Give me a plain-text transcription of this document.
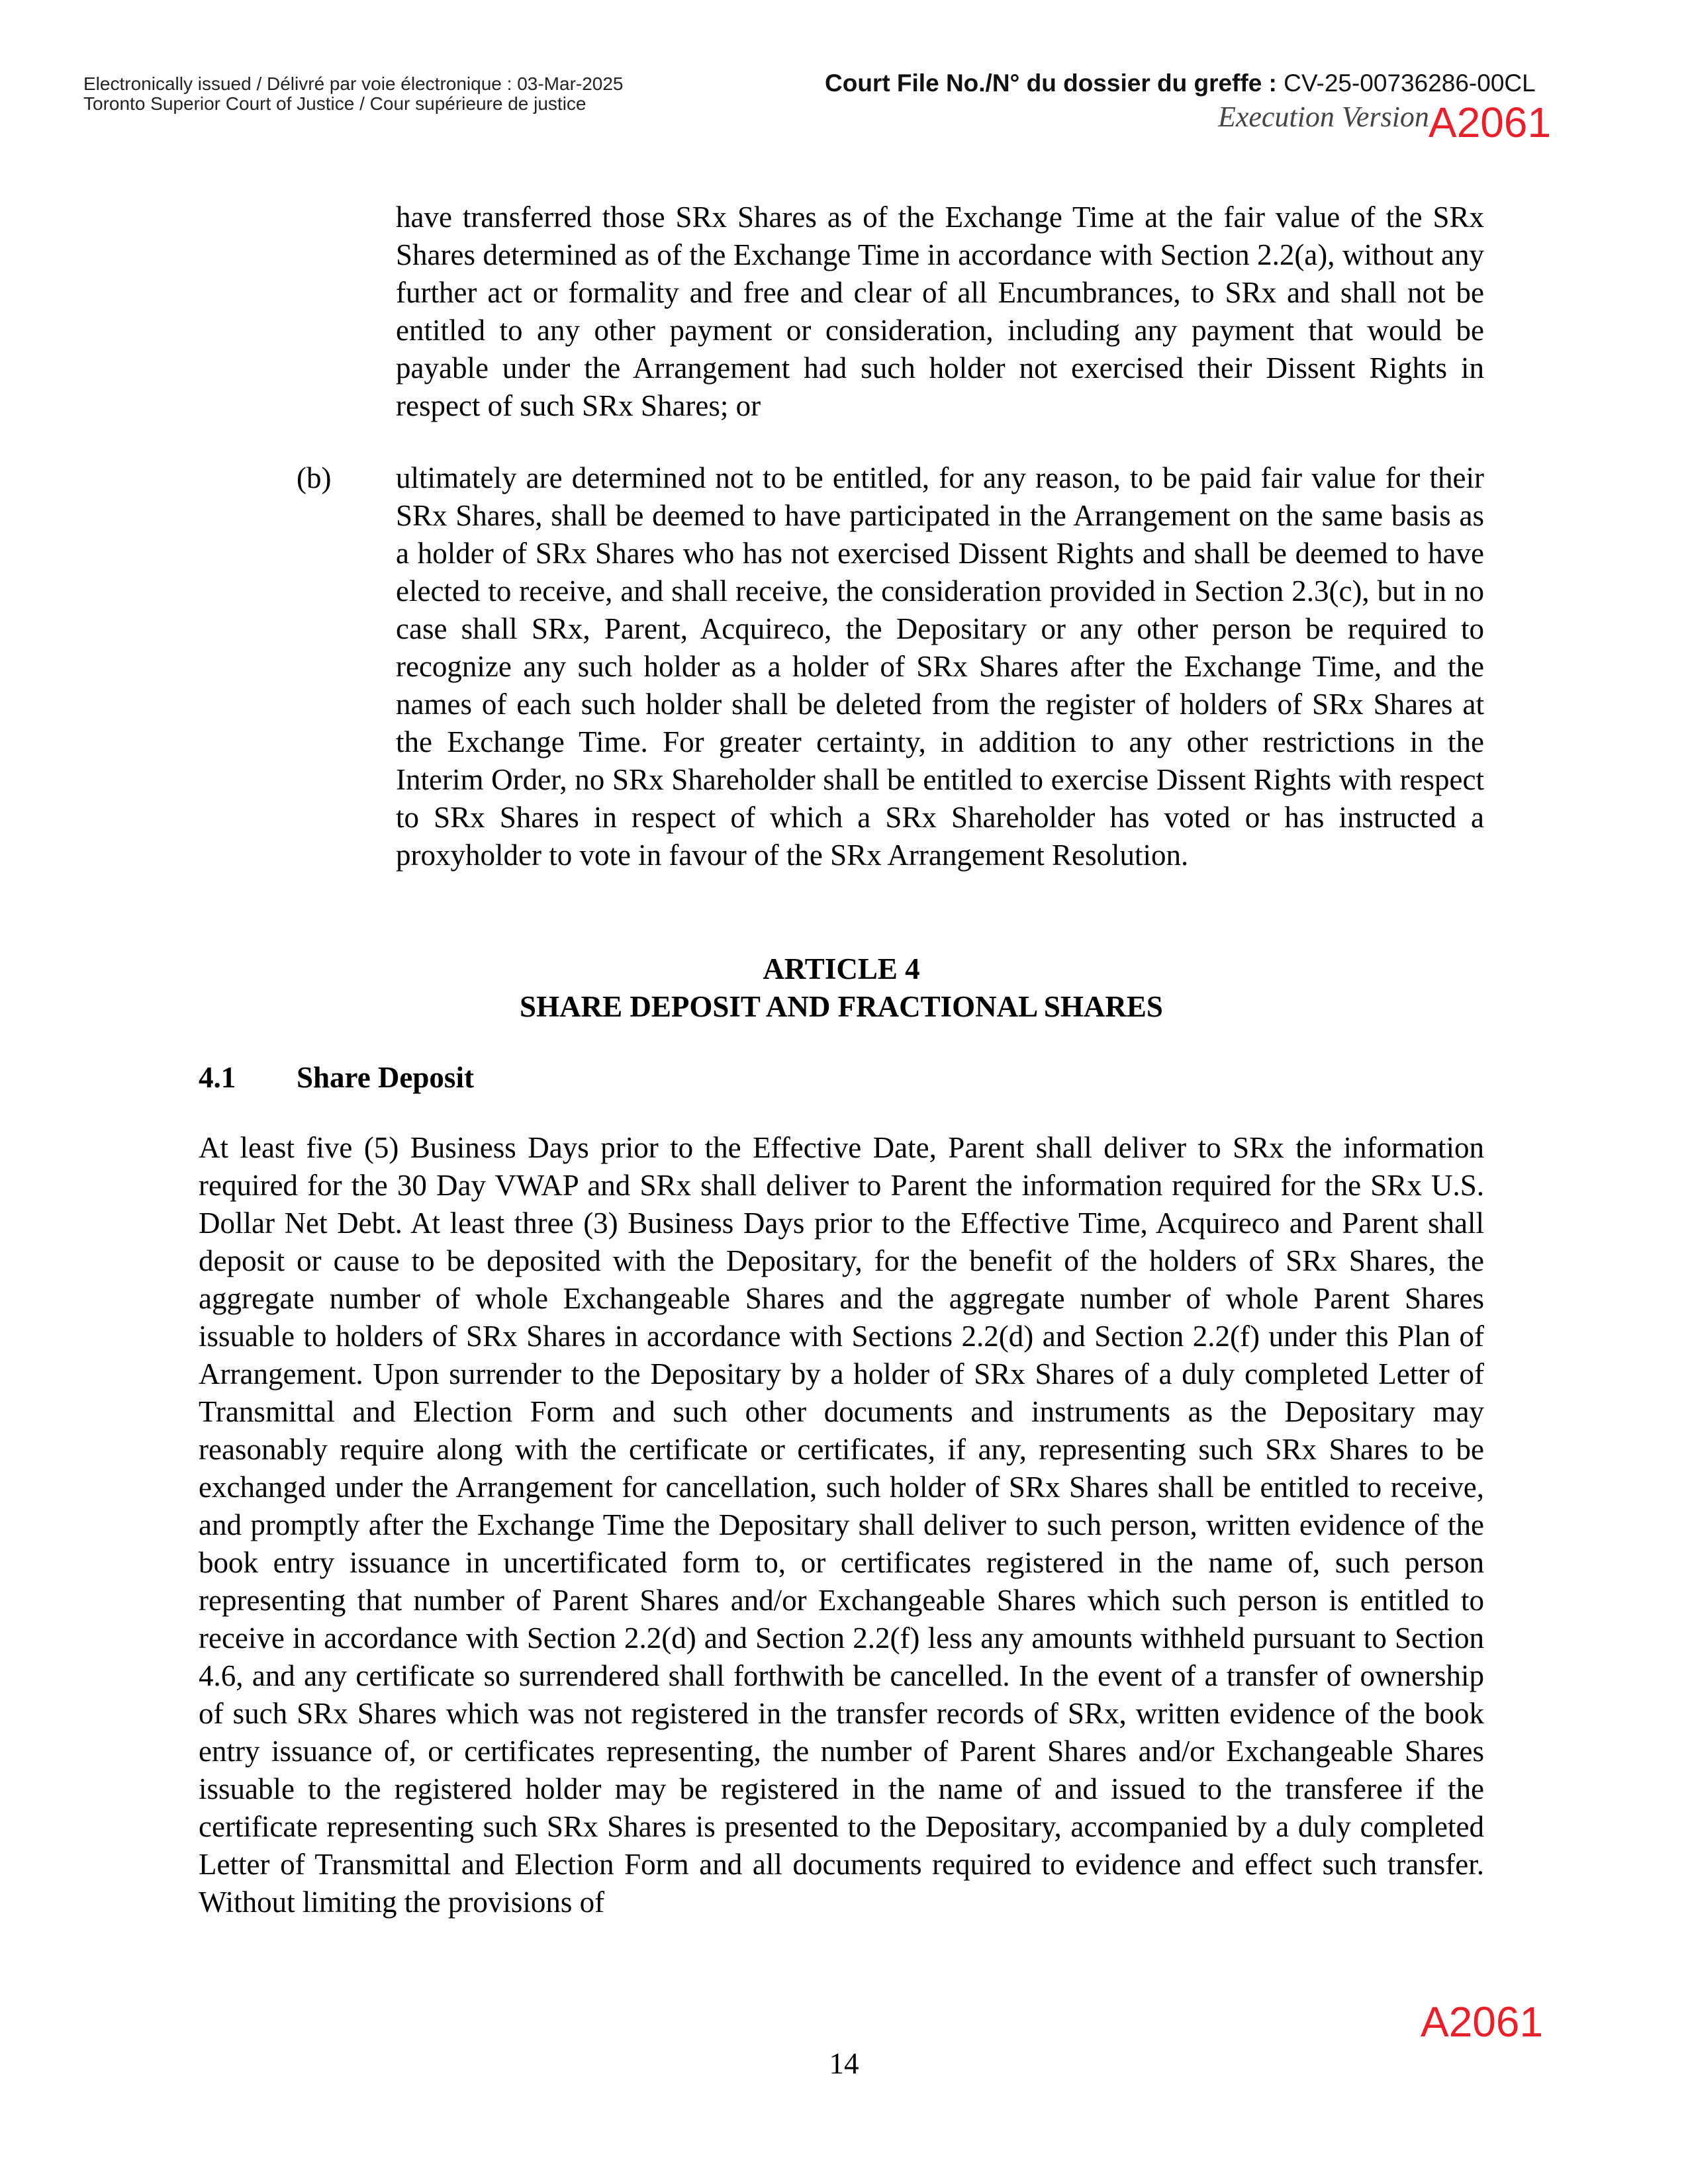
Electronically issued / Délivré par voie électronique : 03-Mar-2025
Toronto Superior Court of Justice / Cour supérieure de justice
Court File No./N° du dossier du greffe : CV-25-00736286-00CL
Execution Version A2061

have transferred those SRx Shares as of the Exchange Time at the fair value of the SRx Shares determined as of the Exchange Time in accordance with Section 2.2(a), without any further act or formality and free and clear of all Encumbrances, to SRx and shall not be entitled to any other payment or consideration, including any payment that would be payable under the Arrangement had such holder not exercised their Dissent Rights in respect of such SRx Shares; or

(b) ultimately are determined not to be entitled, for any reason, to be paid fair value for their SRx Shares, shall be deemed to have participated in the Arrangement on the same basis as a holder of SRx Shares who has not exercised Dissent Rights and shall be deemed to have elected to receive, and shall receive, the consideration provided in Section 2.3(c), but in no case shall SRx, Parent, Acquireco, the Depositary or any other person be required to recognize any such holder as a holder of SRx Shares after the Exchange Time, and the names of each such holder shall be deleted from the register of holders of SRx Shares at the Exchange Time. For greater certainty, in addition to any other restrictions in the Interim Order, no SRx Shareholder shall be entitled to exercise Dissent Rights with respect to SRx Shares in respect of which a SRx Shareholder has voted or has instructed a proxyholder to vote in favour of the SRx Arrangement Resolution.

ARTICLE 4
SHARE DEPOSIT AND FRACTIONAL SHARES
4.1 Share Deposit

At least five (5) Business Days prior to the Effective Date, Parent shall deliver to SRx the information required for the 30 Day VWAP and SRx shall deliver to Parent the information required for the SRx U.S. Dollar Net Debt. At least three (3) Business Days prior to the Effective Time, Acquireco and Parent shall deposit or cause to be deposited with the Depositary, for the benefit of the holders of SRx Shares, the aggregate number of whole Exchangeable Shares and the aggregate number of whole Parent Shares issuable to holders of SRx Shares in accordance with Sections 2.2(d) and Section 2.2(f) under this Plan of Arrangement. Upon surrender to the Depositary by a holder of SRx Shares of a duly completed Letter of Transmittal and Election Form and such other documents and instruments as the Depositary may reasonably require along with the certificate or certificates, if any, representing such SRx Shares to be exchanged under the Arrangement for cancellation, such holder of SRx Shares shall be entitled to receive, and promptly after the Exchange Time the Depositary shall deliver to such person, written evidence of the book entry issuance in uncertificated form to, or certificates registered in the name of, such person representing that number of Parent Shares and/or Exchangeable Shares which such person is entitled to receive in accordance with Section 2.2(d) and Section 2.2(f) less any amounts withheld pursuant to Section 4.6, and any certificate so surrendered shall forthwith be cancelled. In the event of a transfer of ownership of such SRx Shares which was not registered in the transfer records of SRx, written evidence of the book entry issuance of, or certificates representing, the number of Parent Shares and/or Exchangeable Shares issuable to the registered holder may be registered in the name of and issued to the transferee if the certificate representing such SRx Shares is presented to the Depositary, accompanied by a duly completed Letter of Transmittal and Election Form and all documents required to evidence and effect such transfer. Without limiting the provisions of

A2061
14
